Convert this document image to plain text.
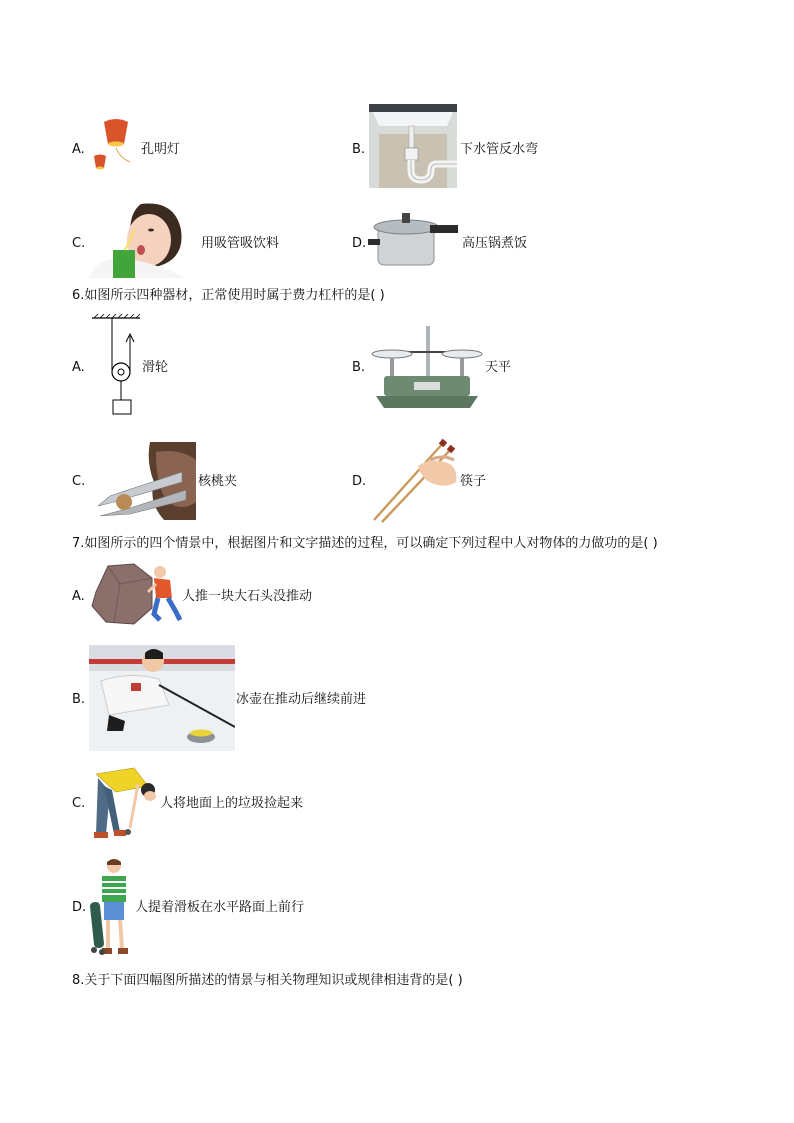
A.	孔明灯	B.	下水管反水弯
C.	用吸管吸饮料	D.	高压锅煮饭
6.如图所示四种器材，正常使用时属于费力杠杆的是( )
A.	滑轮	B.	天平
C.	核桃夹	D.	筷子
7.如图所示的四个情景中，根据图片和文字描述的过程，可以确定下列过程中人对物体的力做功的是( )
A.	人推一块大石头没推动
B.	冰壶在推动后继续前进
C.	人将地面上的垃圾捡起来
D.	人提着滑板在水平路面上前行
8.关于下面四幅图所描述的情景与相关物理知识或规律相违背的是( )
